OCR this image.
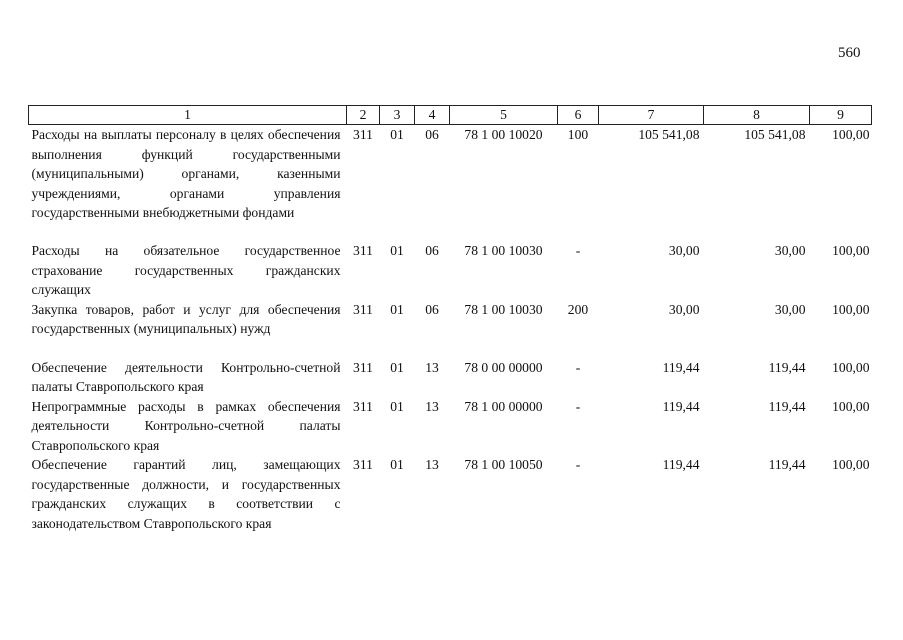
560
1	2	3	4	5	6	7	8	9
Расходы на выплаты персоналу в целях обеспечения выполнения функций государственными (муниципальными) органами, казенными учреждениями, органами управления государственными внебюджетными фондами	311	01	06	78 1 00 10020	100	105 541,08	105 541,08	100,00
Расходы на обязательное государственное страхование государственных гражданских служащих	311	01	06	78 1 00 10030	-	30,00	30,00	100,00
Закупка товаров, работ и услуг для обеспечения государственных (муниципальных) нужд	311	01	06	78 1 00 10030	200	30,00	30,00	100,00
Обеспечение деятельности Контрольно-счетной палаты Ставропольского края	311	01	13	78 0 00 00000	-	119,44	119,44	100,00
Непрограммные расходы в рамках обеспечения деятельности Контрольно-счетной палаты Ставропольского края	311	01	13	78 1 00 00000	-	119,44	119,44	100,00
Обеспечение гарантий лиц, замещающих государственные должности, и государственных гражданских служащих в соответствии с законодательством Ставропольского края	311	01	13	78 1 00 10050	-	119,44	119,44	100,00
